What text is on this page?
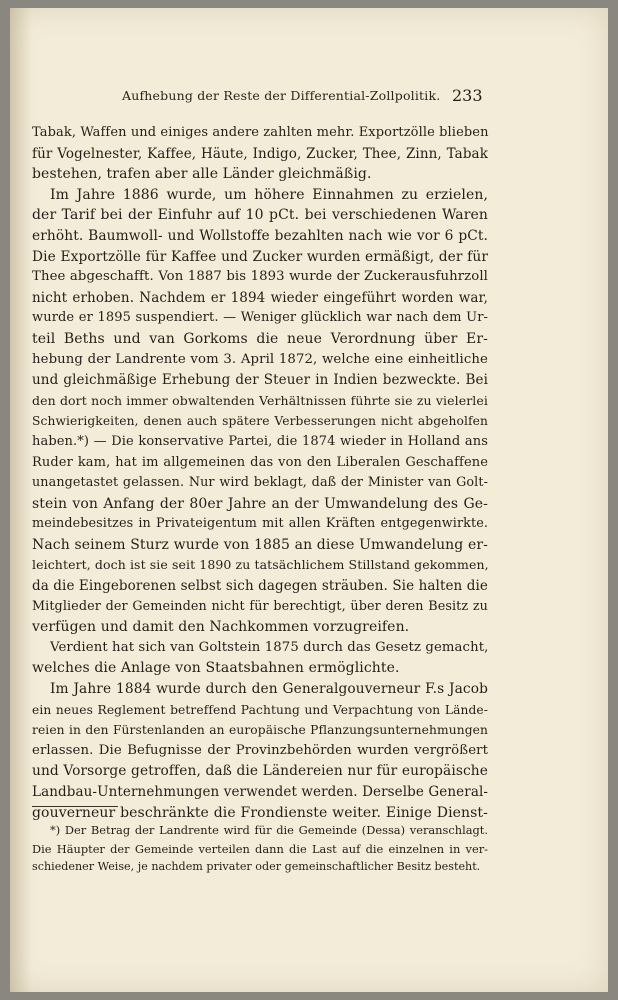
Aufhebung der Reste der Differential-Zollpolitik. 233
Tabak, Waffen und einiges andere zahlten mehr. Exportzölle blieben
für Vogelnester, Kaffee, Häute, Indigo, Zucker, Thee, Zinn, Tabak
bestehen, trafen aber alle Länder gleichmäßig.
Im Jahre 1886 wurde, um höhere Einnahmen zu erzielen,
der Tarif bei der Einfuhr auf 10 pCt. bei verschiedenen Waren
erhöht. Baumwoll- und Wollstoffe bezahlten nach wie vor 6 pCt.
Die Exportzölle für Kaffee und Zucker wurden ermäßigt, der für
Thee abgeschafft. Von 1887 bis 1893 wurde der Zuckerausfuhrzoll
nicht erhoben. Nachdem er 1894 wieder eingeführt worden war,
wurde er 1895 suspendiert. — Weniger glücklich war nach dem Ur-
teil Beths und van Gorkoms die neue Verordnung über Er-
hebung der Landrente vom 3. April 1872, welche eine einheitliche
und gleichmäßige Erhebung der Steuer in Indien bezweckte. Bei
den dort noch immer obwaltenden Verhältnissen führte sie zu vielerlei
Schwierigkeiten, denen auch spätere Verbesserungen nicht abgeholfen
haben.*) — Die konservative Partei, die 1874 wieder in Holland ans
Ruder kam, hat im allgemeinen das von den Liberalen Geschaffene
unangetastet gelassen. Nur wird beklagt, daß der Minister van Golt-
stein von Anfang der 80er Jahre an der Umwandelung des Ge-
meindebesitzes in Privateigentum mit allen Kräften entgegenwirkte.
Nach seinem Sturz wurde von 1885 an diese Umwandelung er-
leichtert, doch ist sie seit 1890 zu tatsächlichem Stillstand gekommen,
da die Eingeborenen selbst sich dagegen sträuben. Sie halten die
Mitglieder der Gemeinden nicht für berechtigt, über deren Besitz zu
verfügen und damit den Nachkommen vorzugreifen.
Verdient hat sich van Goltstein 1875 durch das Gesetz gemacht,
welches die Anlage von Staatsbahnen ermöglichte.
Im Jahre 1884 wurde durch den Generalgouverneur F.s Jacob
ein neues Reglement betreffend Pachtung und Verpachtung von Lände-
reien in den Fürstenlanden an europäische Pflanzungsunternehmungen
erlassen. Die Befugnisse der Provinzbehörden wurden vergrößert
und Vorsorge getroffen, daß die Ländereien nur für europäische
Landbau-Unternehmungen verwendet werden. Derselbe General-
gouverneur beschränkte die Frondienste weiter. Einige Dienst-
*) Der Betrag der Landrente wird für die Gemeinde (Dessa) veranschlagt.
Die Häupter der Gemeinde verteilen dann die Last auf die einzelnen in ver-
schiedener Weise, je nachdem privater oder gemeinschaftlicher Besitz besteht.
